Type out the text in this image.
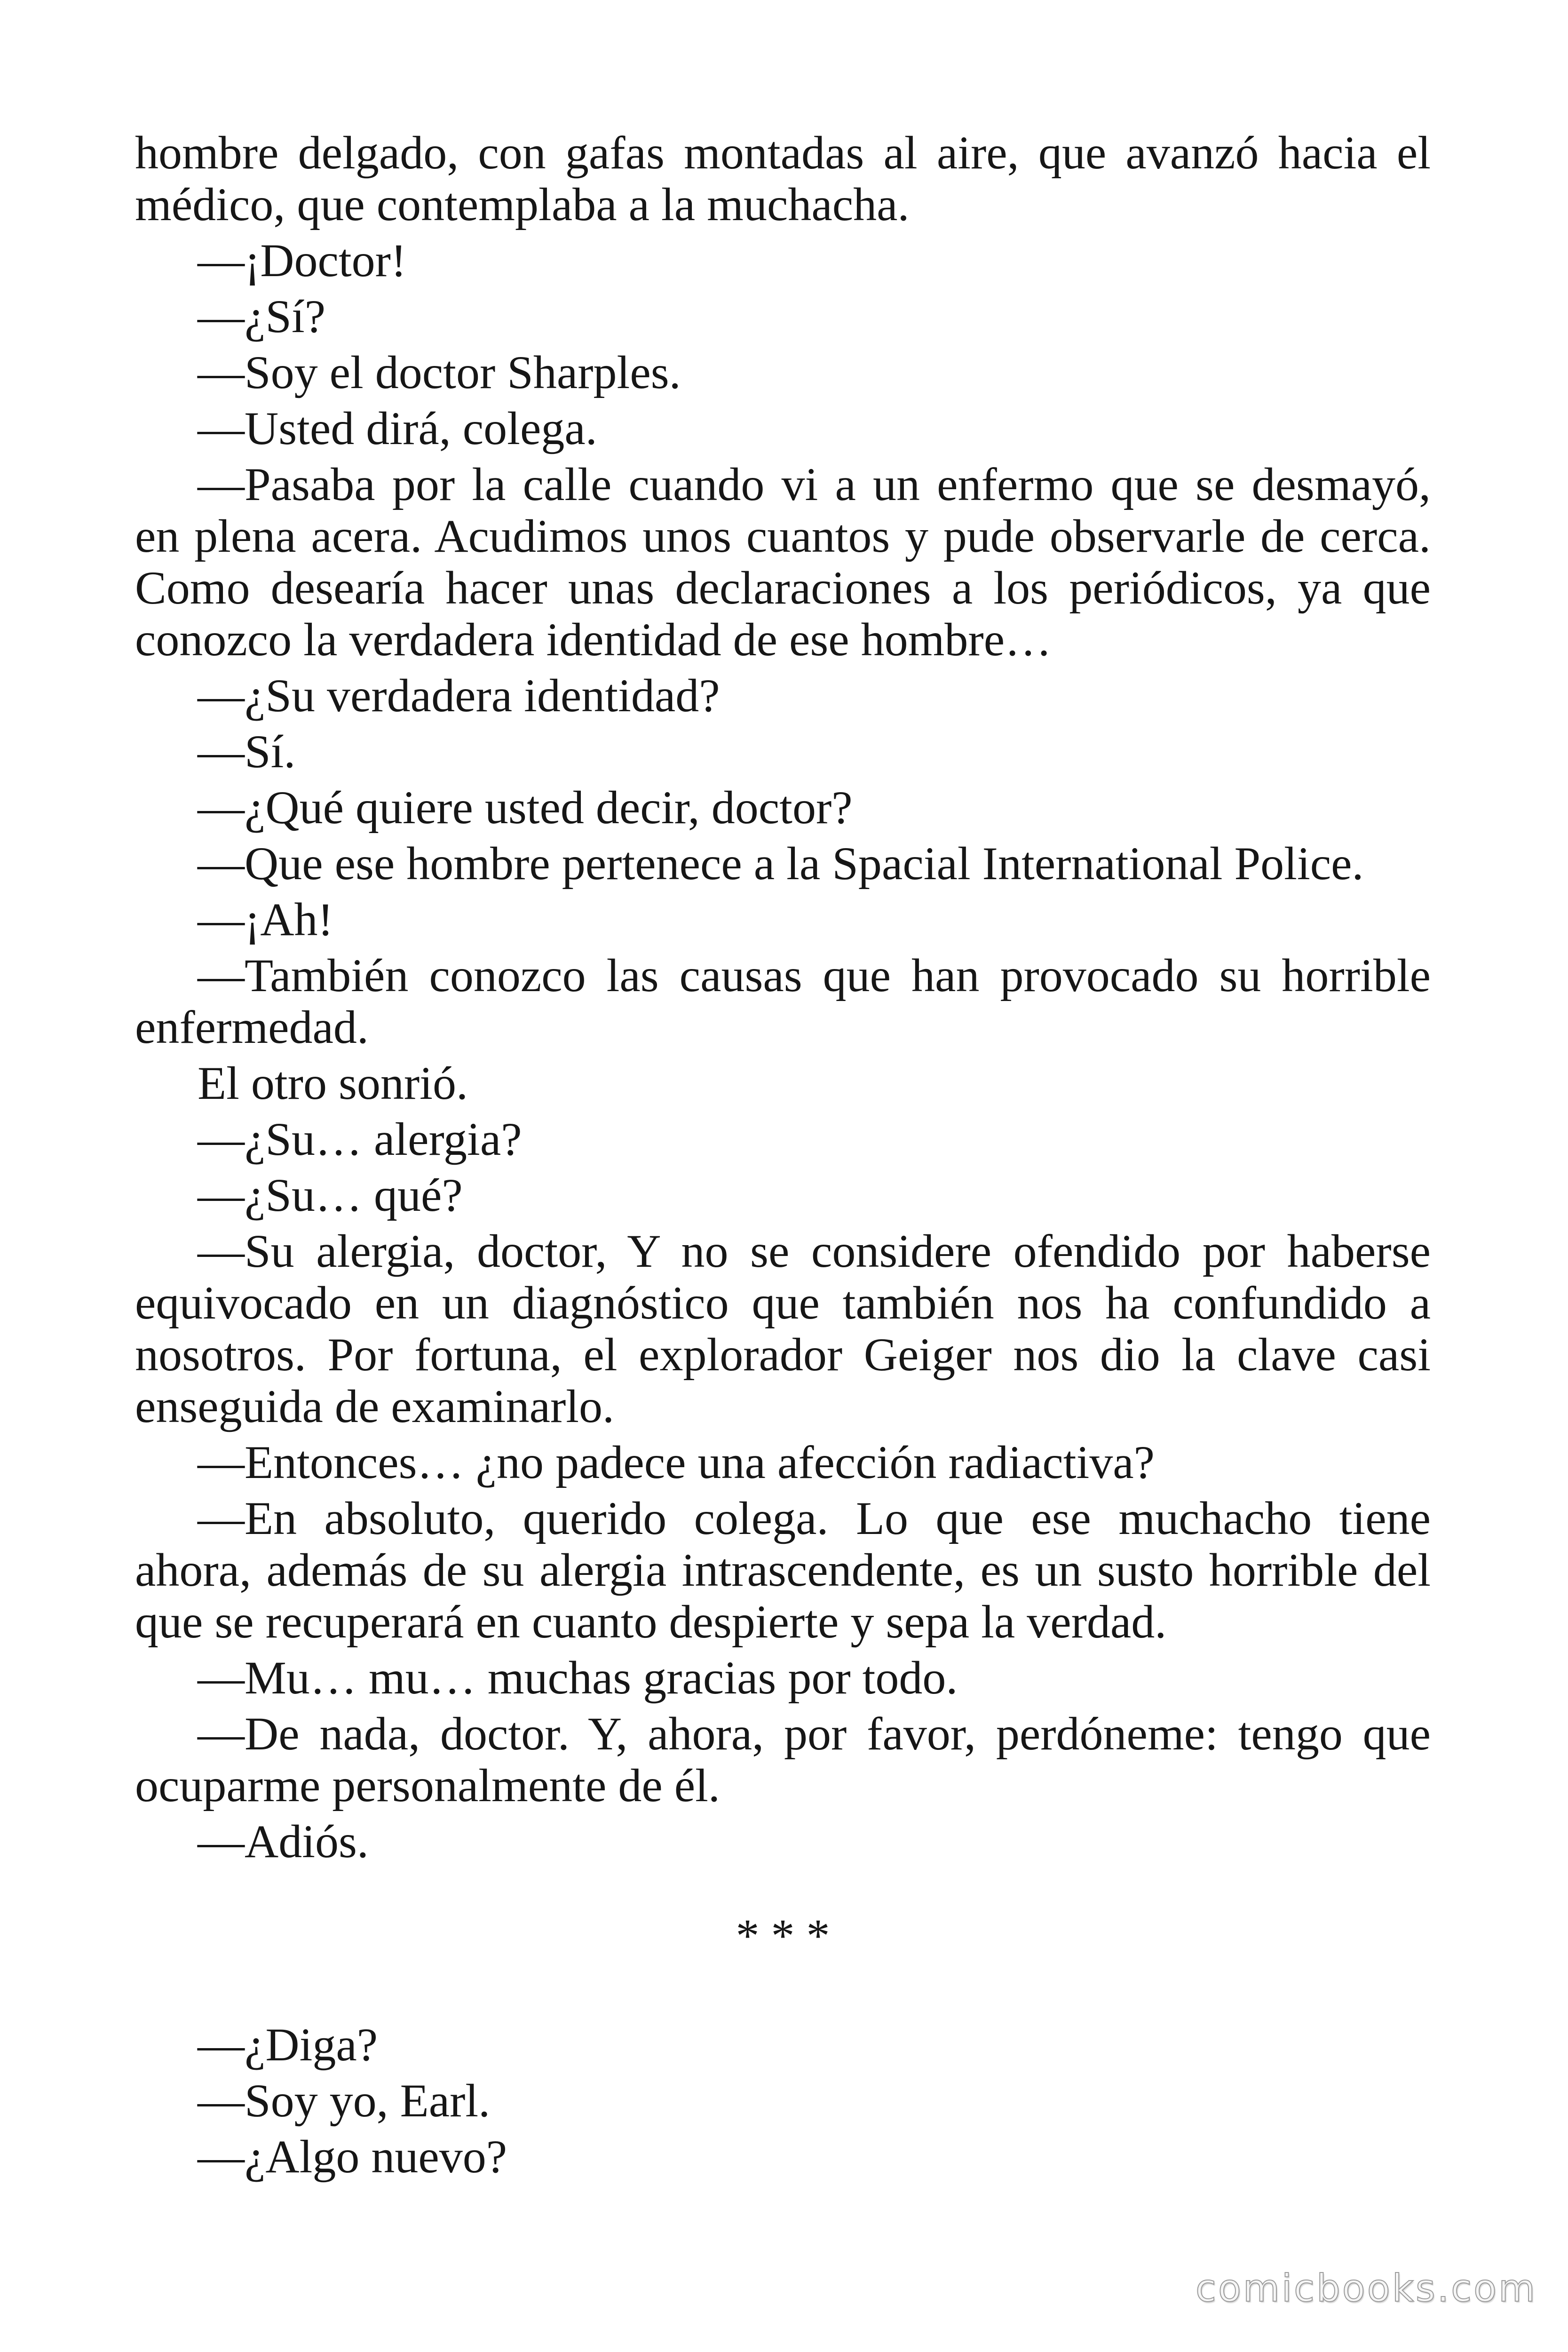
hombre delgado, con gafas montadas al aire, que avanzó hacia el
médico, que contemplaba a la muchacha.
—¡Doctor!
—¿Sí?
—Soy el doctor Sharples.
—Usted dirá, colega.
—Pasaba por la calle cuando vi a un enfermo que se desmayó,
en plena acera. Acudimos unos cuantos y pude observarle de cerca.
Como desearía hacer unas declaraciones a los periódicos, ya que
conozco la verdadera identidad de ese hombre…
—¿Su verdadera identidad?
—Sí.
—¿Qué quiere usted decir, doctor?
—Que ese hombre pertenece a la Spacial International Police.
—¡Ah!
—También conozco las causas que han provocado su horrible
enfermedad.
El otro sonrió.
—¿Su… alergia?
—¿Su… qué?
—Su alergia, doctor, Y no se considere ofendido por haberse
equivocado en un diagnóstico que también nos ha confundido a
nosotros. Por fortuna, el explorador Geiger nos dio la clave casi
enseguida de examinarlo.
—Entonces… ¿no padece una afección radiactiva?
—En absoluto, querido colega. Lo que ese muchacho tiene
ahora, además de su alergia intrascendente, es un susto horrible del
que se recuperará en cuanto despierte y sepa la verdad.
—Mu… mu… muchas gracias por todo.
—De nada, doctor. Y, ahora, por favor, perdóneme: tengo que
ocuparme personalmente de él.
—Adiós.
* * *
—¿Diga?
—Soy yo, Earl.
—¿Algo nuevo?
comicbooks.com
